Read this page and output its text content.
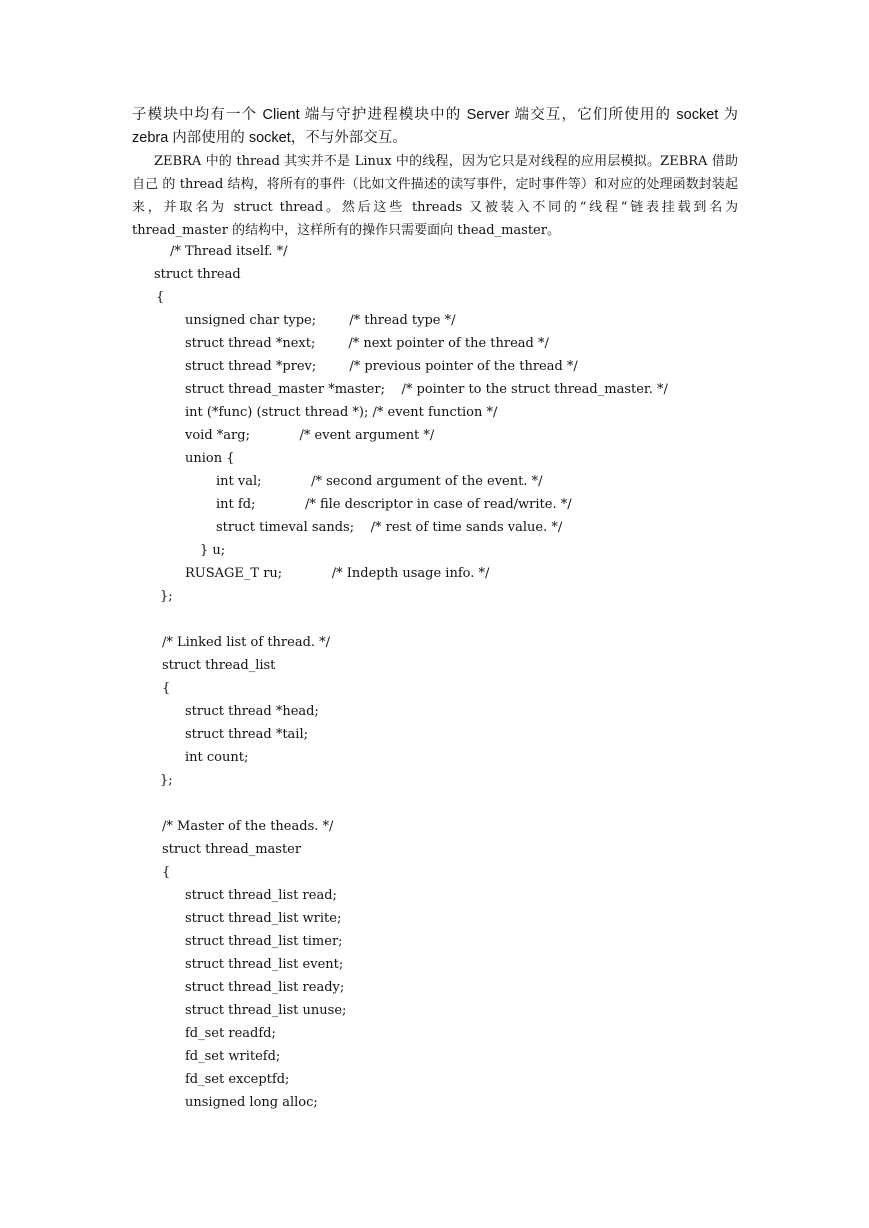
子模块中均有一个 Client 端与守护进程模块中的 Server 端交互，它们所使用的 socket 为 zebra 内部使用的 socket，不与外部交互。

ZEBRA 中的 thread 其实并不是 Linux 中的线程，因为它只是对线程的应用层模拟。ZEBRA 借助自己 的 thread 结构，将所有的事件（比如文件描述的读写事件，定时事件等）和对应的处理函数封装起来，并取名为 struct thread。然后这些 threads 又被装入不同的“线程“链表挂载到名为 thread_master 的结构中，这样所有的操作只需要面向 thead_master。

/* Thread itself. */
struct thread
{
unsigned char type;        /* thread type */
struct thread *next;        /* next pointer of the thread */
struct thread *prev;        /* previous pointer of the thread */
struct thread_master *master;    /* pointer to the struct thread_master. */
int (*func) (struct thread *); /* event function */
void *arg;            /* event argument */
union {
int val;            /* second argument of the event. */
int fd;            /* file descriptor in case of read/write. */
struct timeval sands;    /* rest of time sands value. */
} u;
RUSAGE_T ru;            /* Indepth usage info. */
};
/* Linked list of thread. */
struct thread_list
{
struct thread *head;
struct thread *tail;
int count;
};
/* Master of the theads. */
struct thread_master
{
struct thread_list read;
struct thread_list write;
struct thread_list timer;
struct thread_list event;
struct thread_list ready;
struct thread_list unuse;
fd_set readfd;
fd_set writefd;
fd_set exceptfd;
unsigned long alloc;
